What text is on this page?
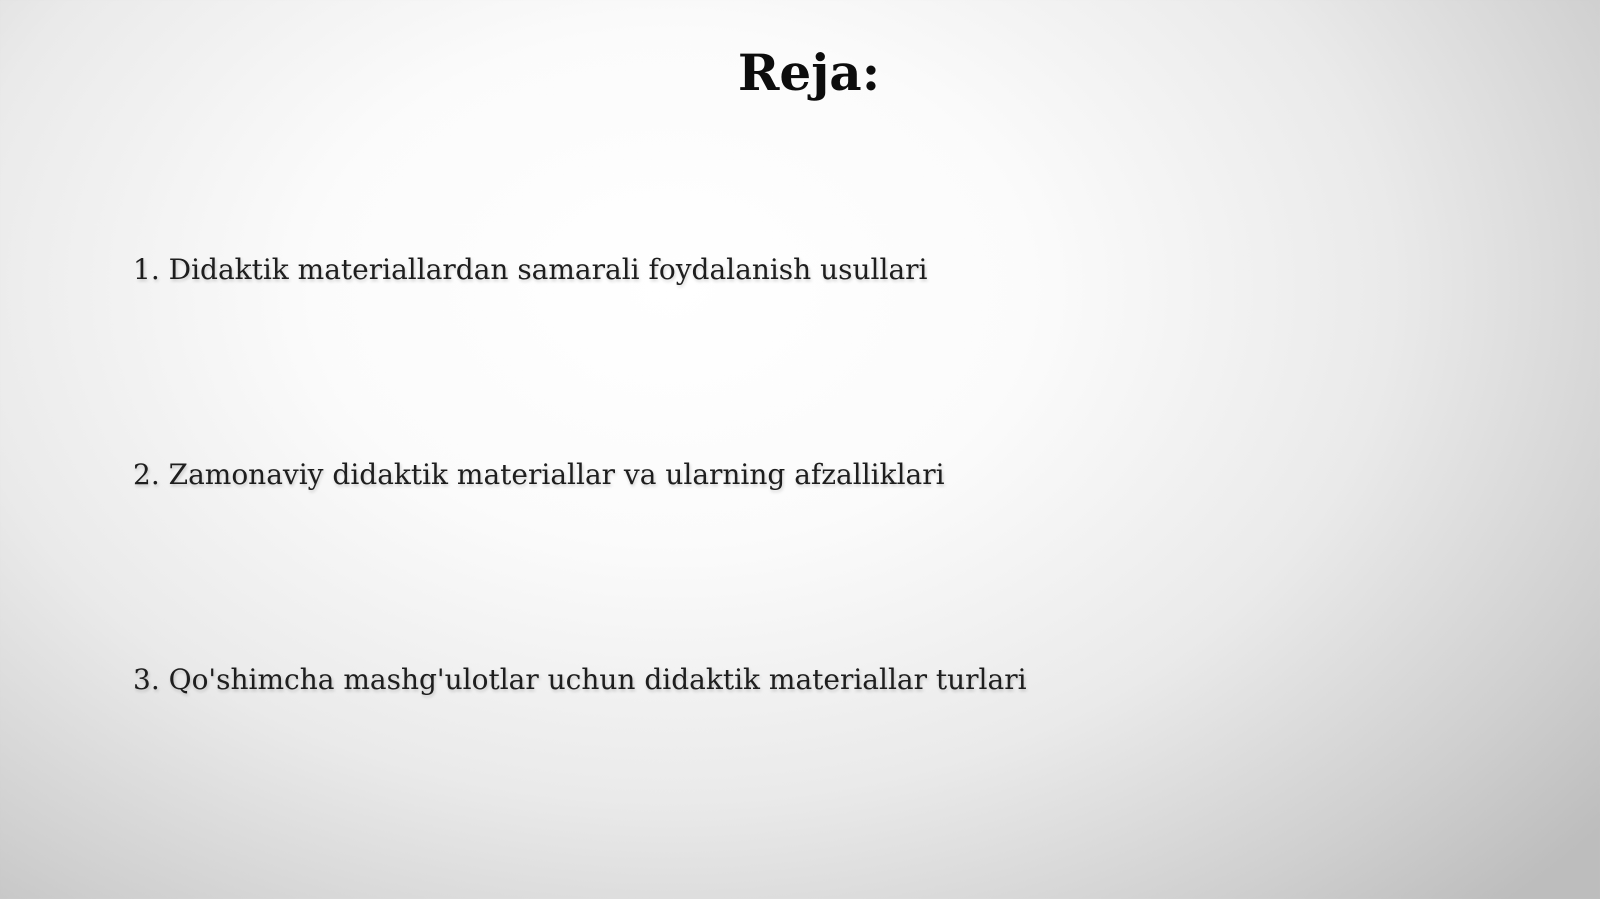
Reja:

1. Didaktik materiallardan samarali foydalanish usullari

2. Zamonaviy didaktik materiallar va ularning afzalliklari

3. Qo'shimcha mashg'ulotlar uchun didaktik materiallar turlari
